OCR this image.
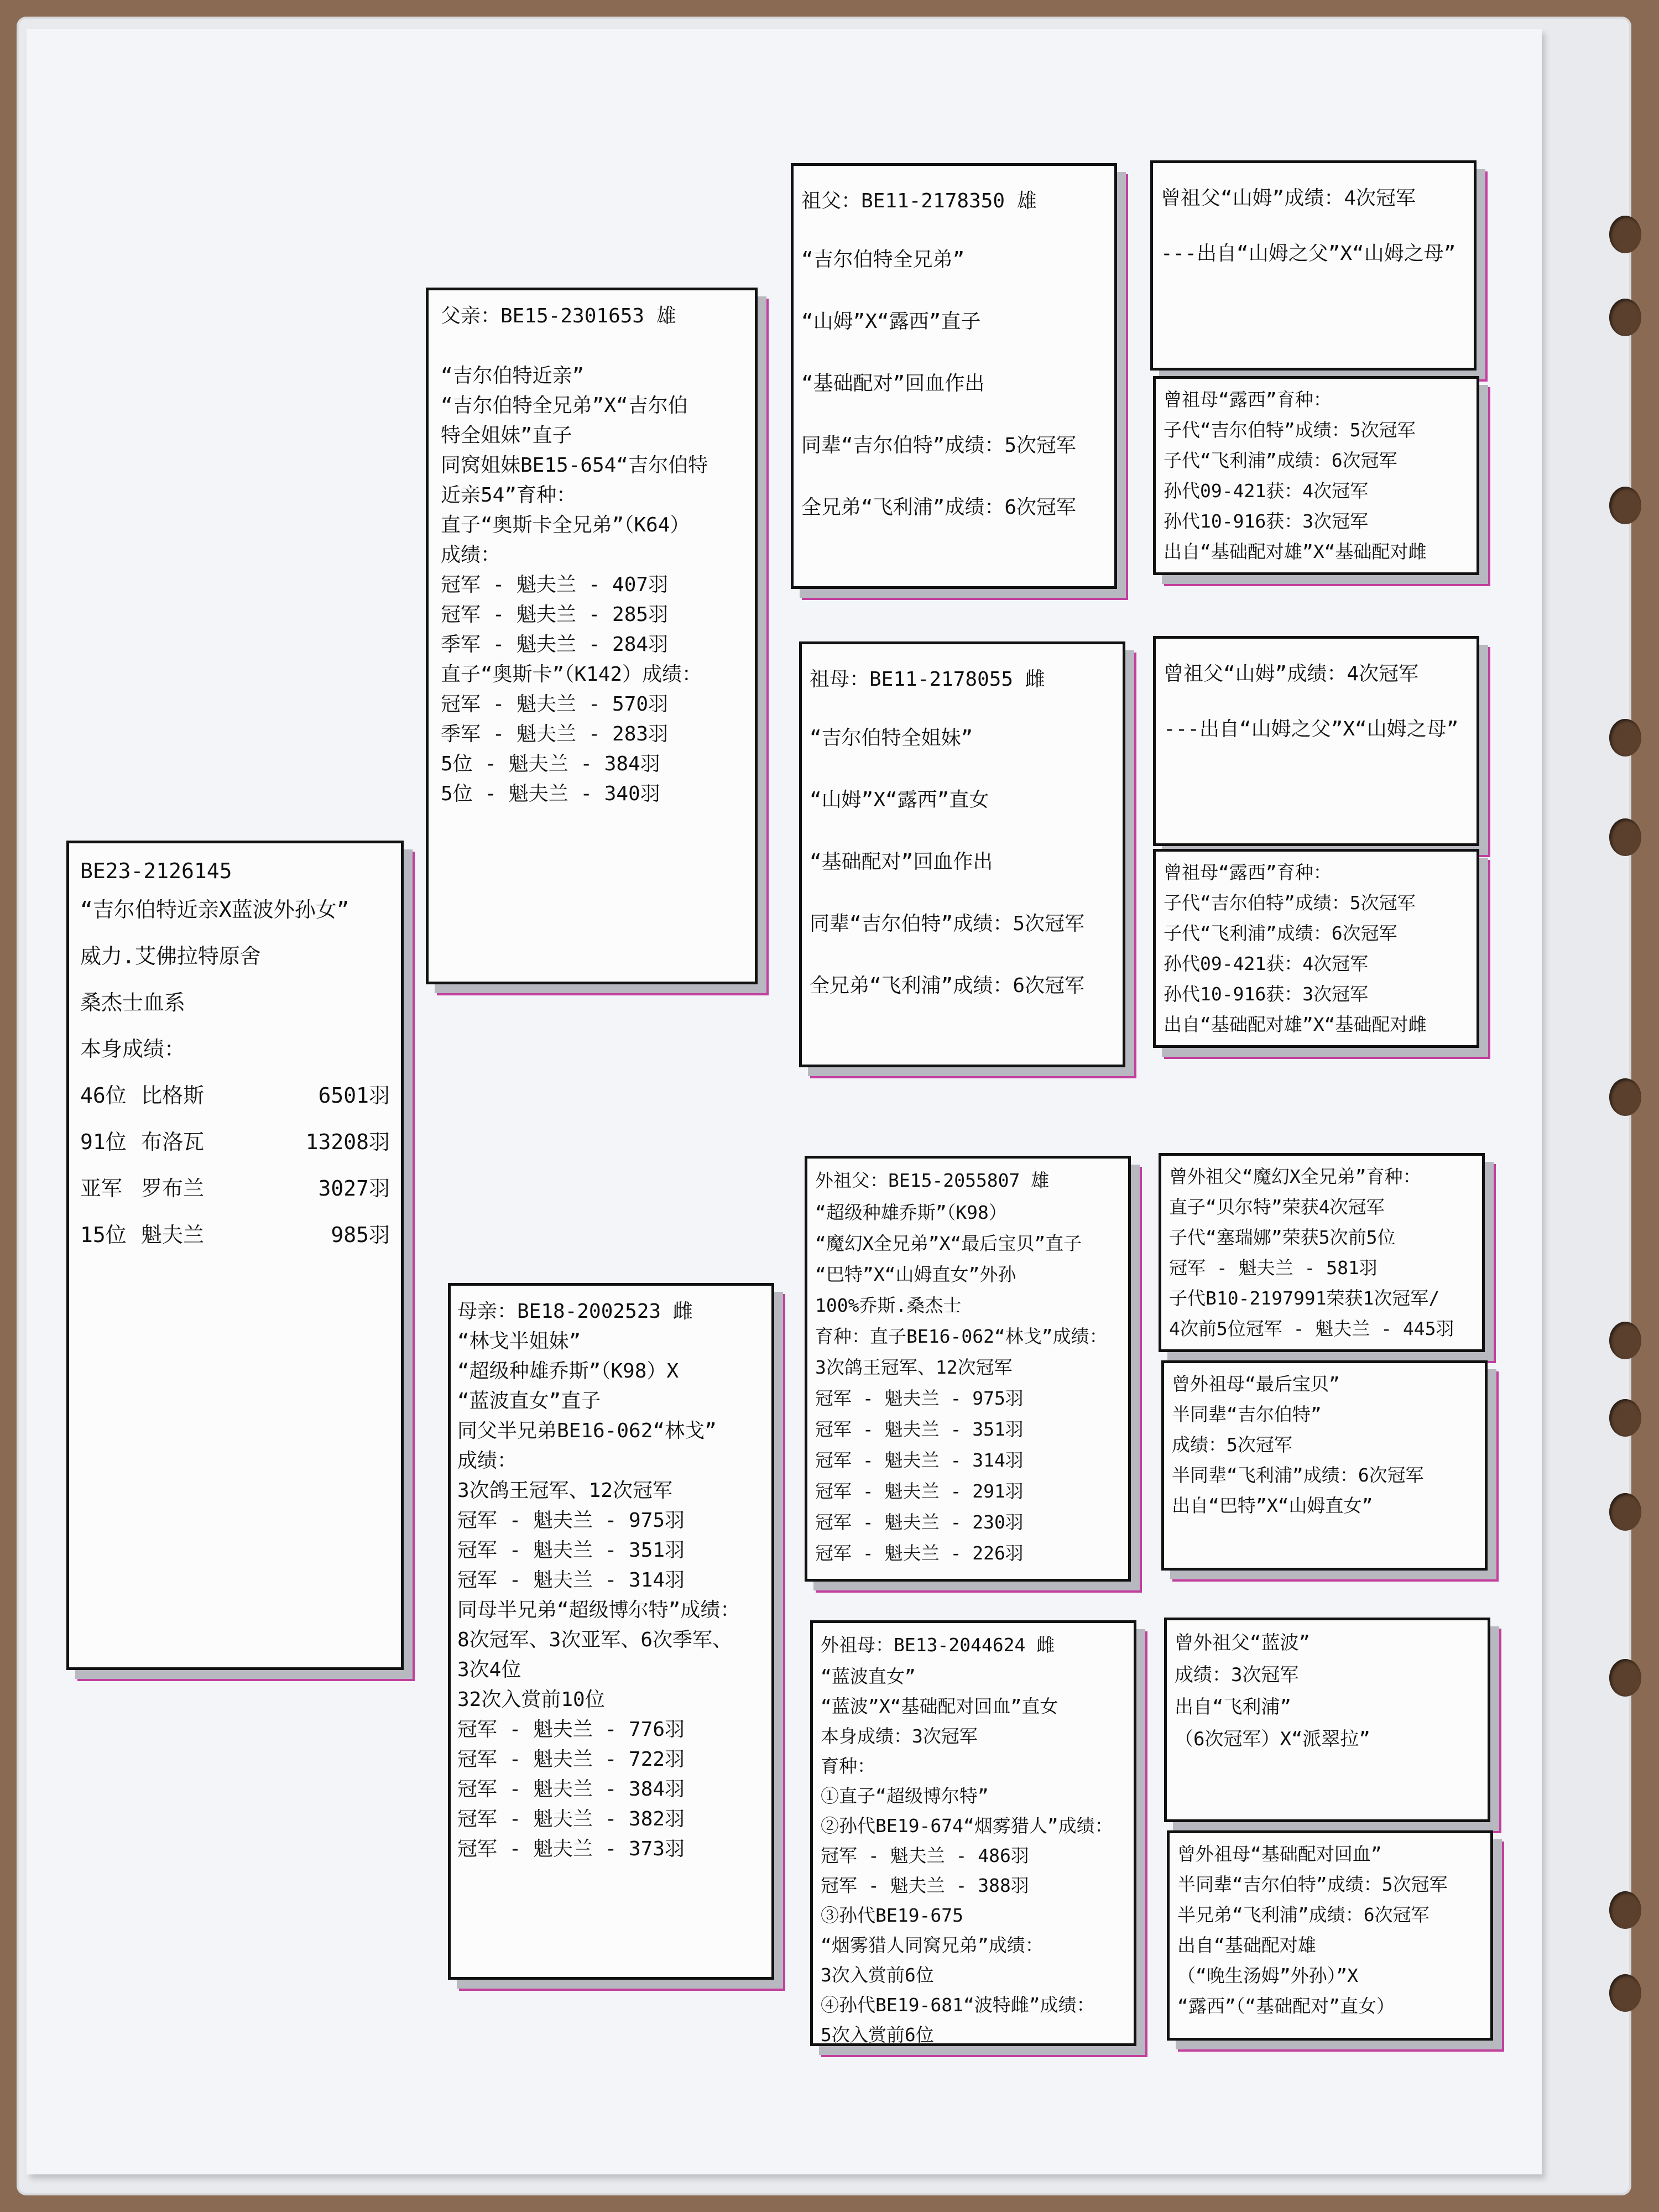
BE23-2126145
“吉尔伯特近亲X蓝波外孙女”
威力.艾佛拉特原舍
桑杰士血系
本身成绩：
46位 比格斯	6501羽
91位 布洛瓦	13208羽
亚军 罗布兰	3027羽
15位 魁夫兰	985羽
父亲：BE15-2301653 雄
“吉尔伯特近亲”
“吉尔伯特全兄弟”X“吉尔伯
特全姐妹”直子
同窝姐妹BE15-654“吉尔伯特
近亲54”育种：
直子“奥斯卡全兄弟”（K64）
成绩：
冠军 - 魁夫兰 - 407羽
冠军 - 魁夫兰 - 285羽
季军 - 魁夫兰 - 284羽
直子“奥斯卡”（K142）成绩：
冠军 - 魁夫兰 - 570羽
季军 - 魁夫兰 - 283羽
5位 - 魁夫兰 - 384羽
5位 - 魁夫兰 - 340羽
母亲：BE18-2002523 雌
“林戈半姐妹”
“超级种雄乔斯”（K98）X
“蓝波直女”直子
同父半兄弟BE16-062“林戈”
成绩：
3次鸽王冠军、12次冠军
冠军 - 魁夫兰 - 975羽
冠军 - 魁夫兰 - 351羽
冠军 - 魁夫兰 - 314羽
同母半兄弟“超级博尔特”成绩：
8次冠军、3次亚军、6次季军、
3次4位
32次入赏前10位
冠军 - 魁夫兰 - 776羽
冠军 - 魁夫兰 - 722羽
冠军 - 魁夫兰 - 384羽
冠军 - 魁夫兰 - 382羽
冠军 - 魁夫兰 - 373羽
祖父：BE11-2178350 雄
“吉尔伯特全兄弟”
“山姆”X“露西”直子
“基础配对”回血作出
同辈“吉尔伯特”成绩：5次冠军
全兄弟“飞利浦”成绩：6次冠军
祖母：BE11-2178055 雌
“吉尔伯特全姐妹”
“山姆”X“露西”直女
“基础配对”回血作出
同辈“吉尔伯特”成绩：5次冠军
全兄弟“飞利浦”成绩：6次冠军
外祖父：BE15-2055807 雄
“超级种雄乔斯”（K98）
“魔幻X全兄弟”X“最后宝贝”直子
“巴特”X“山姆直女”外孙
100%乔斯.桑杰士
育种：直子BE16-062“林戈”成绩：
3次鸽王冠军、12次冠军
冠军 - 魁夫兰 - 975羽
冠军 - 魁夫兰 - 351羽
冠军 - 魁夫兰 - 314羽
冠军 - 魁夫兰 - 291羽
冠军 - 魁夫兰 - 230羽
冠军 - 魁夫兰 - 226羽
外祖母：BE13-2044624 雌
“蓝波直女”
“蓝波”X“基础配对回血”直女
本身成绩：3次冠军
育种：
①直子“超级博尔特”
②孙代BE19-674“烟雾猎人”成绩：
冠军 - 魁夫兰 - 486羽
冠军 - 魁夫兰 - 388羽
③孙代BE19-675
“烟雾猎人同窝兄弟”成绩：
3次入赏前6位
④孙代BE19-681“波特雌”成绩：
5次入赏前6位
曾祖父“山姆”成绩：4次冠军
---出自“山姆之父”X“山姆之母”
曾祖母“露西”育种：
子代“吉尔伯特”成绩：5次冠军
子代“飞利浦”成绩：6次冠军
孙代09-421获：4次冠军
孙代10-916获：3次冠军
出自“基础配对雄”X“基础配对雌
曾祖父“山姆”成绩：4次冠军
---出自“山姆之父”X“山姆之母”
曾祖母“露西”育种：
子代“吉尔伯特”成绩：5次冠军
子代“飞利浦”成绩：6次冠军
孙代09-421获：4次冠军
孙代10-916获：3次冠军
出自“基础配对雄”X“基础配对雌
曾外祖父“魔幻X全兄弟”育种：
直子“贝尔特”荣获4次冠军
子代“塞瑞娜”荣获5次前5位
冠军 - 魁夫兰 - 581羽
子代B10-2197991荣获1次冠军/
4次前5位冠军 - 魁夫兰 - 445羽
曾外祖母“最后宝贝”
半同辈“吉尔伯特”
成绩：5次冠军
半同辈“飞利浦”成绩：6次冠军
出自“巴特”X“山姆直女”
曾外祖父“蓝波”
成绩：3次冠军
出自“飞利浦”
（6次冠军）X“派翠拉”
曾外祖母“基础配对回血”
半同辈“吉尔伯特”成绩：5次冠军
半兄弟“飞利浦”成绩：6次冠军
出自“基础配对雄
（“晚生汤姆”外孙）”X
“露西”（“基础配对”直女）
